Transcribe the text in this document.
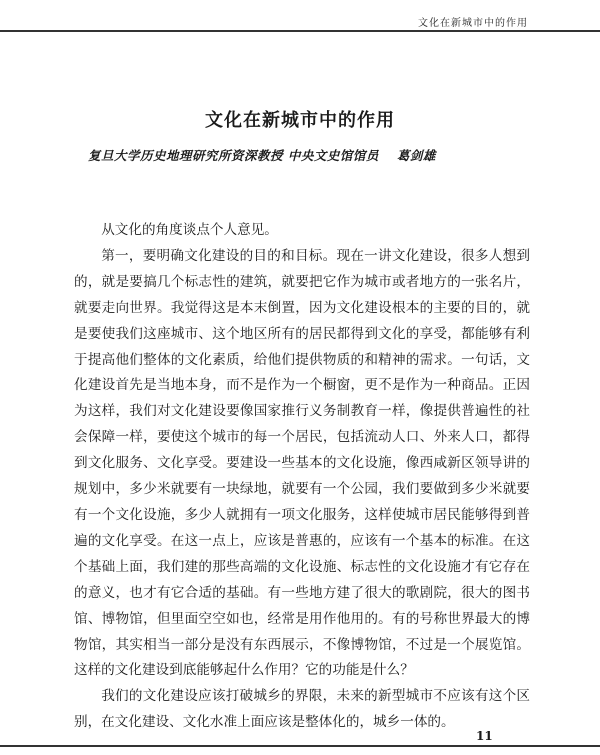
文化在新城市中的作用
文化在新城市中的作用
复旦大学历史地理研究所资深教授 中央文史馆馆员 葛剑雄

从文化的角度谈点个人意见。

第一，要明确文化建设的目的和目标。现在一讲文化建设，很多人想到的，就是要搞几个标志性的建筑，就要把它作为城市或者地方的一张名片，就要走向世界。我觉得这是本末倒置，因为文化建设根本的主要的目的，就是要使我们这座城市、这个地区所有的居民都得到文化的享受，都能够有利于提高他们整体的文化素质，给他们提供物质的和精神的需求。一句话，文化建设首先是当地本身，而不是作为一个橱窗，更不是作为一种商品。正因为这样，我们对文化建设要像国家推行义务制教育一样，像提供普遍性的社会保障一样，要使这个城市的每一个居民，包括流动人口、外来人口，都得到文化服务、文化享受。要建设一些基本的文化设施，像西咸新区领导讲的规划中，多少米就要有一块绿地，就要有一个公园，我们要做到多少米就要有一个文化设施，多少人就拥有一项文化服务，这样使城市居民能够得到普遍的文化享受。在这一点上，应该是普惠的，应该有一个基本的标准。在这个基础上面，我们建的那些高端的文化设施、标志性的文化设施才有它存在的意义，也才有它合适的基础。有一些地方建了很大的歌剧院，很大的图书馆、博物馆，但里面空空如也，经常是用作他用的。有的号称世界最大的博物馆，其实相当一部分是没有东西展示，不像博物馆，不过是一个展览馆。这样的文化建设到底能够起什么作用？它的功能是什么？

我们的文化建设应该打破城乡的界限，未来的新型城市不应该有这个区别，在文化建设、文化水准上面应该是整体化的，城乡一体的。

11
